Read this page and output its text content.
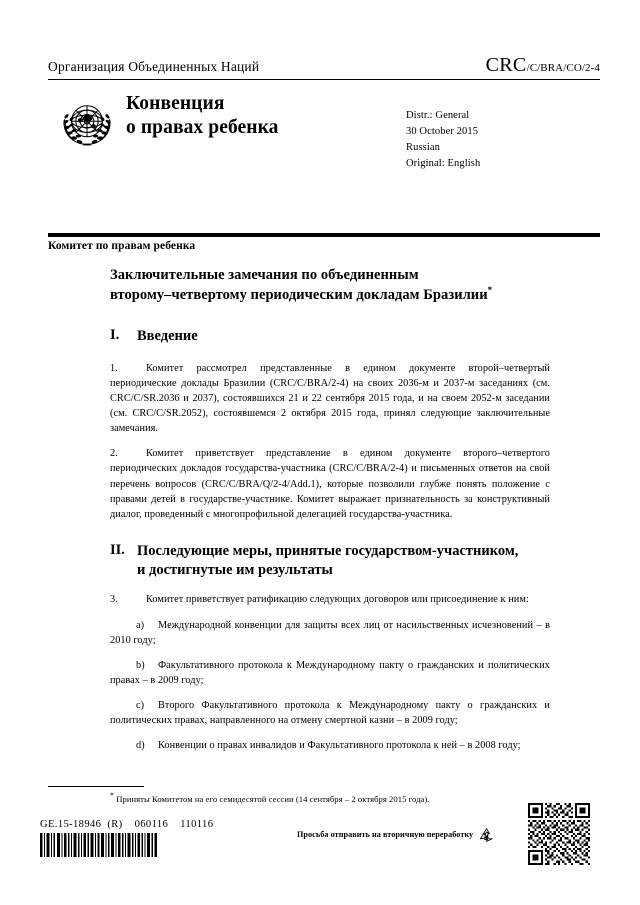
Организация Объединенных Наций	CRC/C/BRA/CO/2-4
Конвенция
о правах ребенка
Distr.: General
30 October 2015
Russian
Original: English
Комитет по правам ребенка
Заключительные замечания по объединенным
второму–четвертому периодическим докладам Бразилии*
I.	Введение

1.	Комитет рассмотрел представленные в едином документе второй–четвертый периодические доклады Бразилии (CRC/C/BRA/2-4) на своих 2036-м и 2037-м заседаниях (см. CRC/C/SR.2036 и 2037), состоявшихся 21 и 22 сентября 2015 года, и на своем 2052-м заседании (см. CRC/C/SR.2052), состоявшемся 2 октября 2015 года, принял следующие заключительные замечания.

2.	Комитет приветствует представление в едином документе второго–четвертого периодических докладов государства-участника (CRC/C/BRA/2-4) и письменных ответов на свой перечень вопросов (CRC/C/BRA/Q/2-4/Add.1), которые позволили глубже понять положение с правами детей в государстве-участнике. Комитет выражает признательность за конструктивный диалог, проведенный с многопрофильной делегацией государства-участника.

II. Последующие меры, принятые государством-участником,
и достигнутые им результаты

3.	Комитет приветствует ратификацию следующих договоров или присоединение к ним:

a) Международной конвенции для защиты всех лиц от насильственных исчезновений – в 2010 году;

b) Факультативного протокола к Международному пакту о гражданских и политических правах – в 2009 году;

c) Второго Факультативного протокола к Международному пакту о гражданских и политических правах, направленного на отмену смертной казни – в 2009 году;

d) Конвенции о правах инвалидов и Факультативного протокола к ней – в 2008 году;

* Приняты Комитетом на его семидесятой сессии (14 сентября – 2 октября 2015 года).
GE.15-18946  (R)    060116    110116
Просьба отправить на вторичную переработку
